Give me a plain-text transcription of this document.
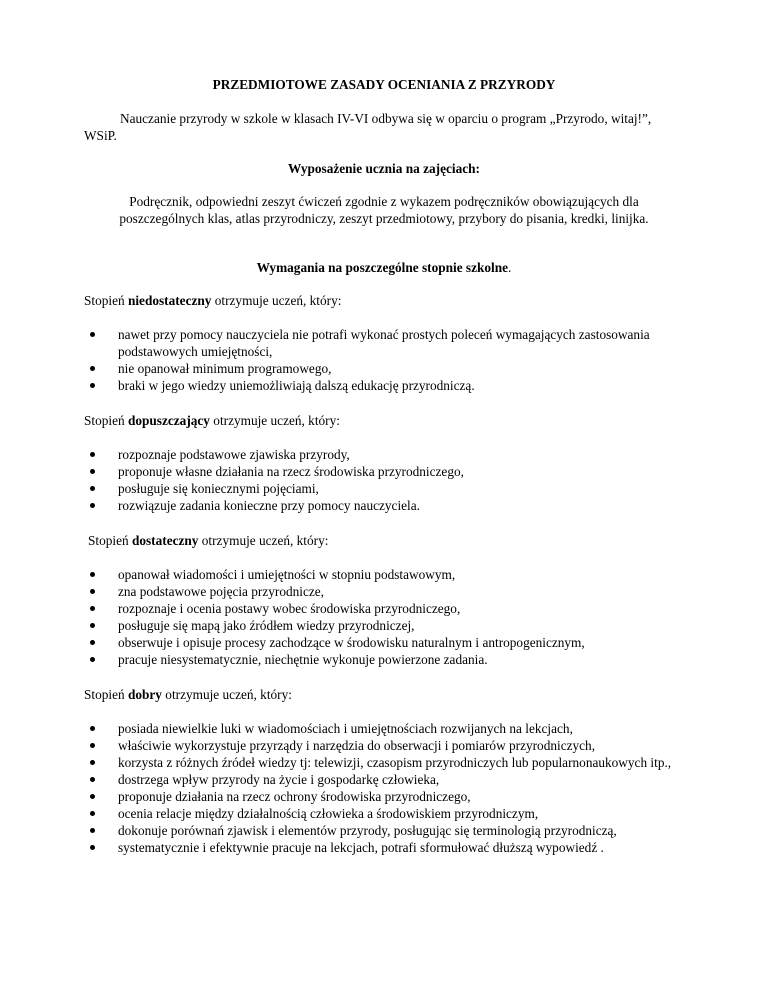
PRZEDMIOTOWE ZASADY OCENIANIA Z PRZYRODY
Nauczanie przyrody w szkole w klasach IV-VI odbywa się w oparciu o program „Przyrodo, witaj!”, WSiP.
Wyposażenie ucznia na zajęciach:
Podręcznik, odpowiedni zeszyt ćwiczeń zgodnie z wykazem podręczników obowiązujących dla poszczególnych klas, atlas przyrodniczy, zeszyt przedmiotowy, przybory do pisania, kredki, linijka.
Wymagania na poszczególne stopnie szkolne.
Stopień niedostateczny otrzymuje uczeń, który:
nawet przy pomocy nauczyciela nie potrafi wykonać prostych poleceń wymagających zastosowania podstawowych umiejętności,
nie opanował minimum programowego,
braki w jego wiedzy uniemożliwiają dalszą edukację przyrodniczą.
Stopień dopuszczający otrzymuje uczeń, który:
rozpoznaje podstawowe zjawiska przyrody,
proponuje własne działania na rzecz środowiska przyrodniczego,
posługuje się koniecznymi pojęciami,
rozwiązuje zadania konieczne przy pomocy nauczyciela.
Stopień dostateczny otrzymuje uczeń, który:
opanował wiadomości i umiejętności w stopniu podstawowym,
zna podstawowe pojęcia przyrodnicze,
rozpoznaje i ocenia postawy wobec środowiska przyrodniczego,
posługuje się mapą jako źródłem wiedzy przyrodniczej,
obserwuje i opisuje procesy zachodzące w środowisku naturalnym i antropogenicznym,
pracuje niesystematycznie, niechętnie wykonuje powierzone zadania.
Stopień dobry otrzymuje uczeń, który:
posiada niewielkie luki w wiadomościach i umiejętnościach rozwijanych na lekcjach,
właściwie wykorzystuje przyrządy i narzędzia do obserwacji i pomiarów przyrodniczych,
korzysta z różnych źródeł wiedzy tj: telewizji, czasopism przyrodniczych lub popularnonaukowych itp.,
dostrzega wpływ przyrody na życie i gospodarkę człowieka,
proponuje działania na rzecz ochrony środowiska przyrodniczego,
ocenia relacje między działalnością człowieka a środowiskiem przyrodniczym,
dokonuje porównań zjawisk i elementów przyrody, posługując się terminologią przyrodniczą,
systematycznie i efektywnie pracuje na lekcjach, potrafi sformułować dłuższą wypowiedź .
